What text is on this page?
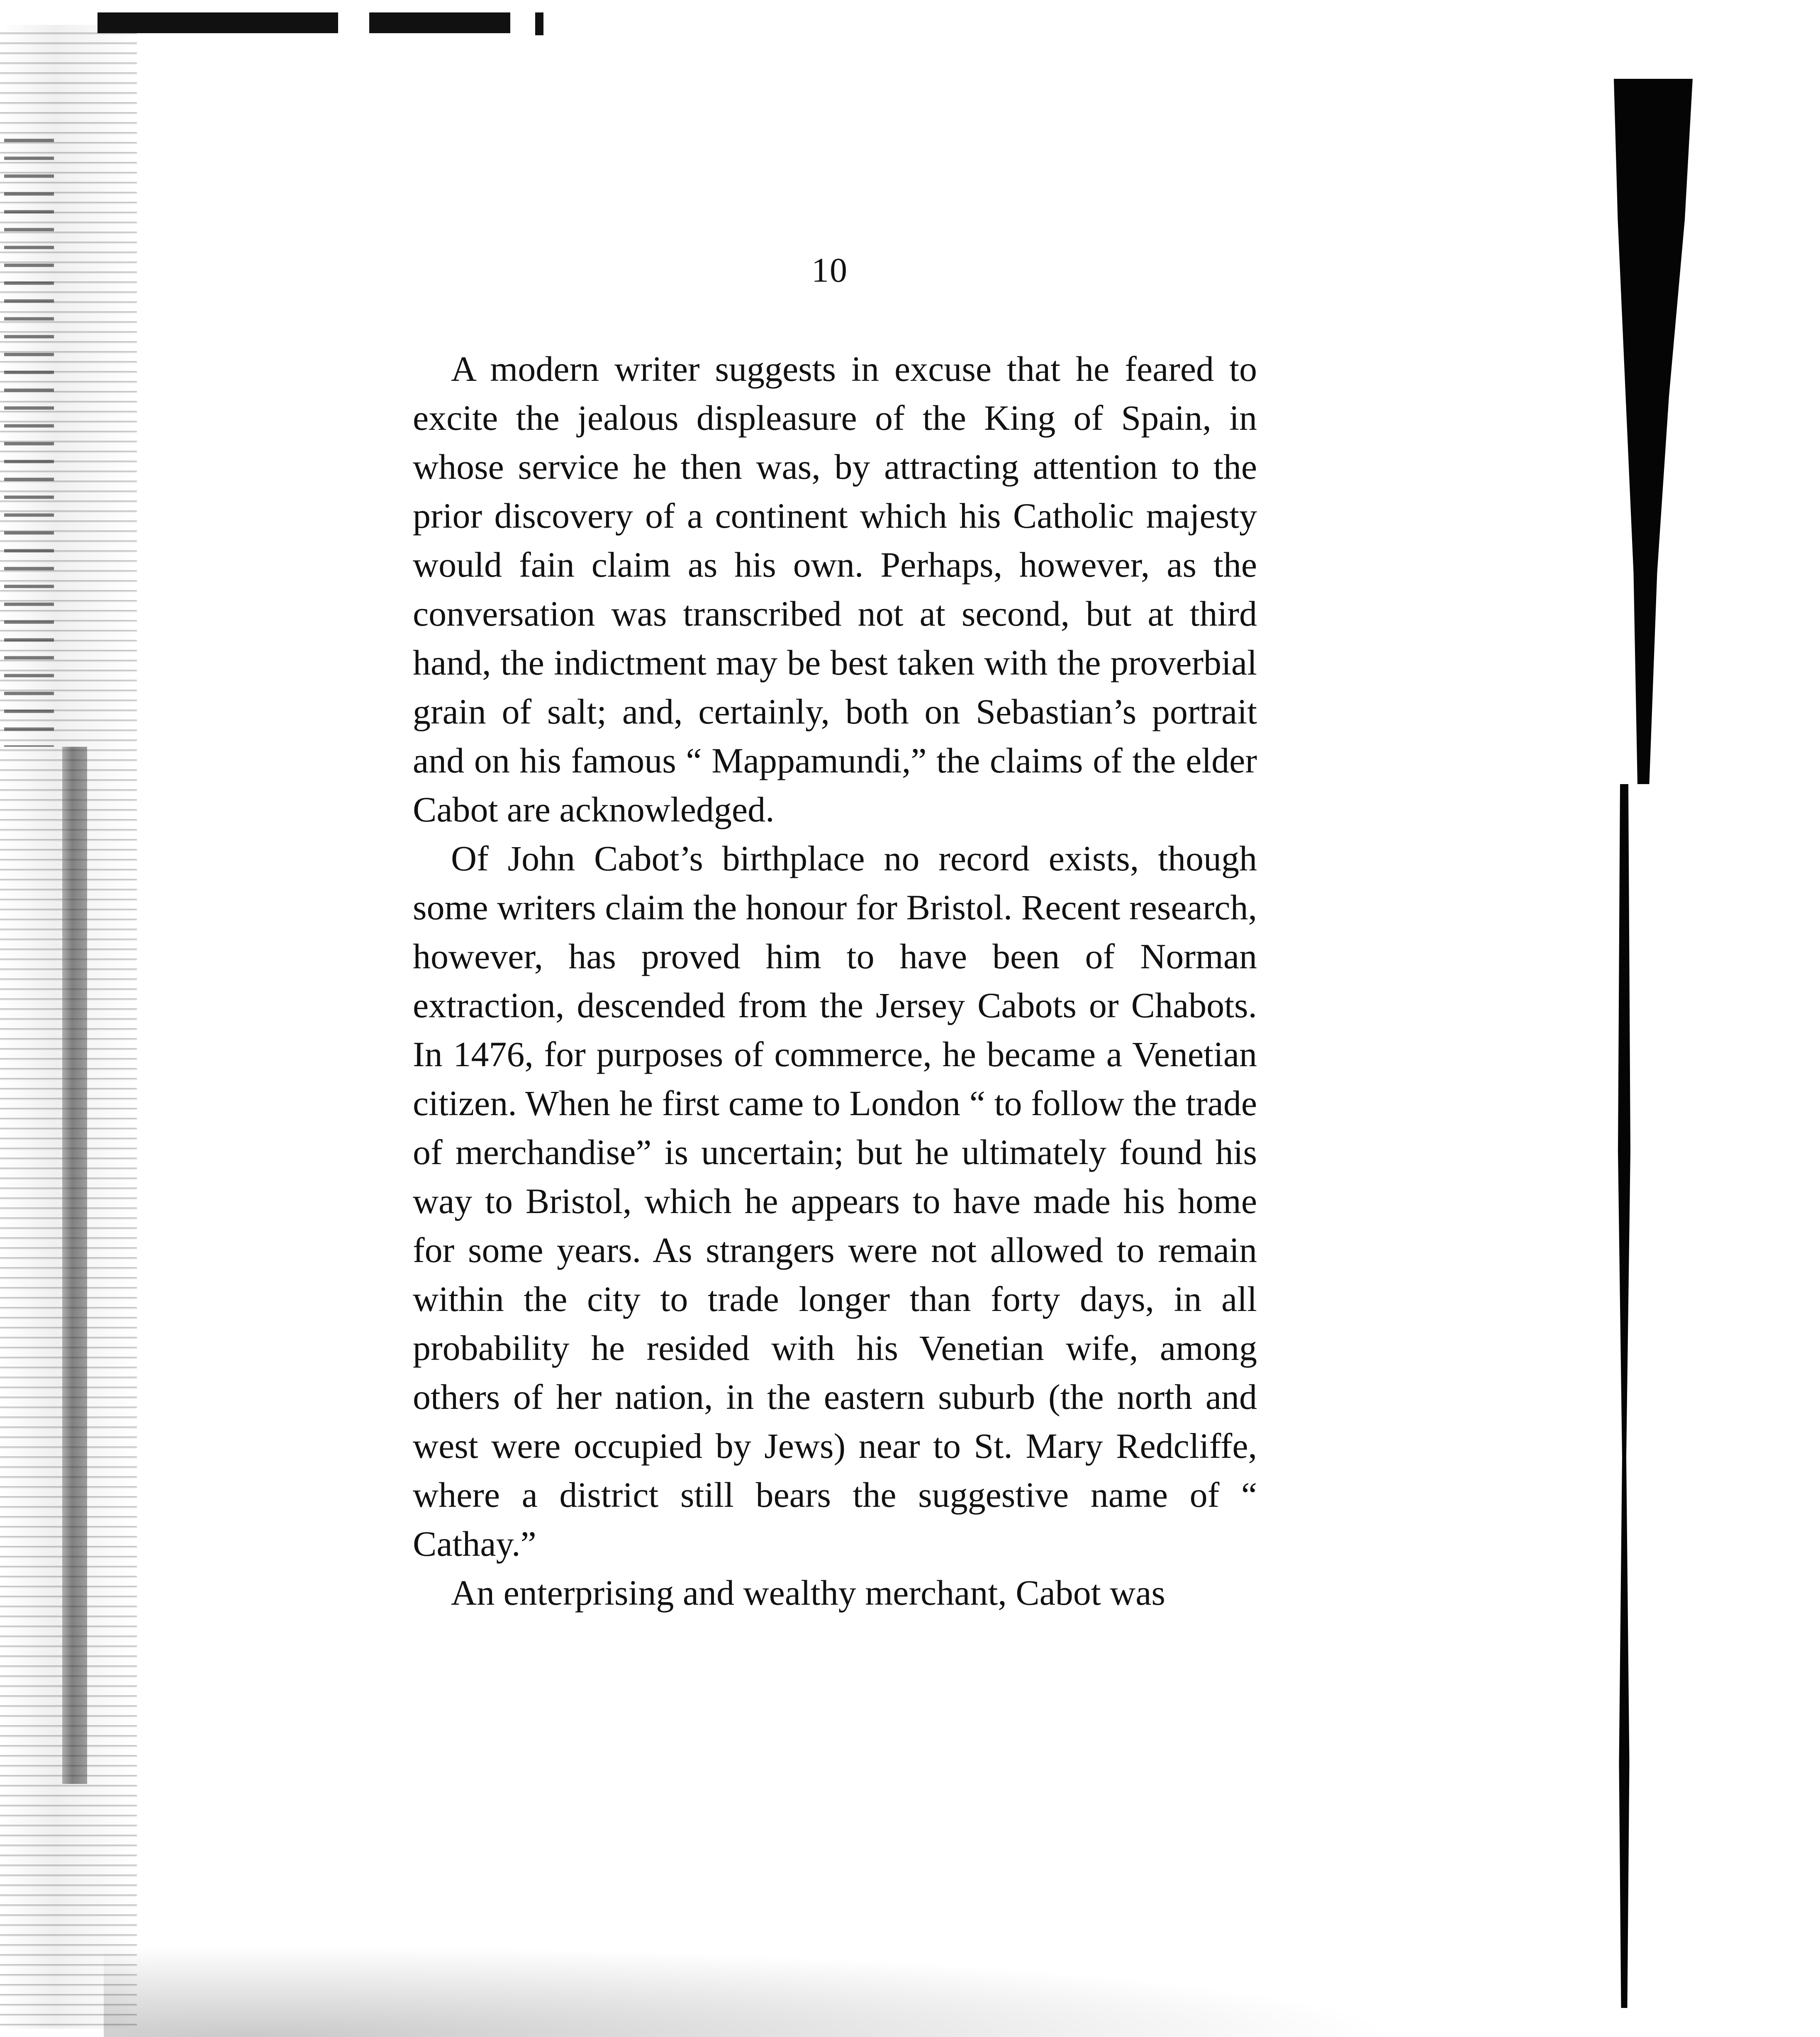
10

A modern writer suggests in excuse that he feared to excite the jealous displeasure of the King of Spain, in whose service he then was, by attracting attention to the prior discovery of a continent which his Catholic majesty would fain claim as his own. Perhaps, however, as the conversation was transcribed not at second, but at third hand, the indictment may be best taken with the proverbial grain of salt; and, certainly, both on Sebastian’s portrait and on his famous “ Mappamundi,” the claims of the elder Cabot are acknowledged.

Of John Cabot’s birthplace no record exists, though some writers claim the honour for Bristol. Recent research, however, has proved him to have been of Norman extraction, descended from the Jersey Cabots or Chabots. In 1476, for purposes of commerce, he became a Venetian citizen. When he first came to London “ to follow the trade of merchandise” is uncertain; but he ultimately found his way to Bristol, which he appears to have made his home for some years. As strangers were not allowed to remain within the city to trade longer than forty days, in all probability he resided with his Venetian wife, among others of her nation, in the eastern suburb (the north and west were occupied by Jews) near to St. Mary Redcliffe, where a district still bears the suggestive name of “ Cathay.”

An enterprising and wealthy merchant, Cabot was
